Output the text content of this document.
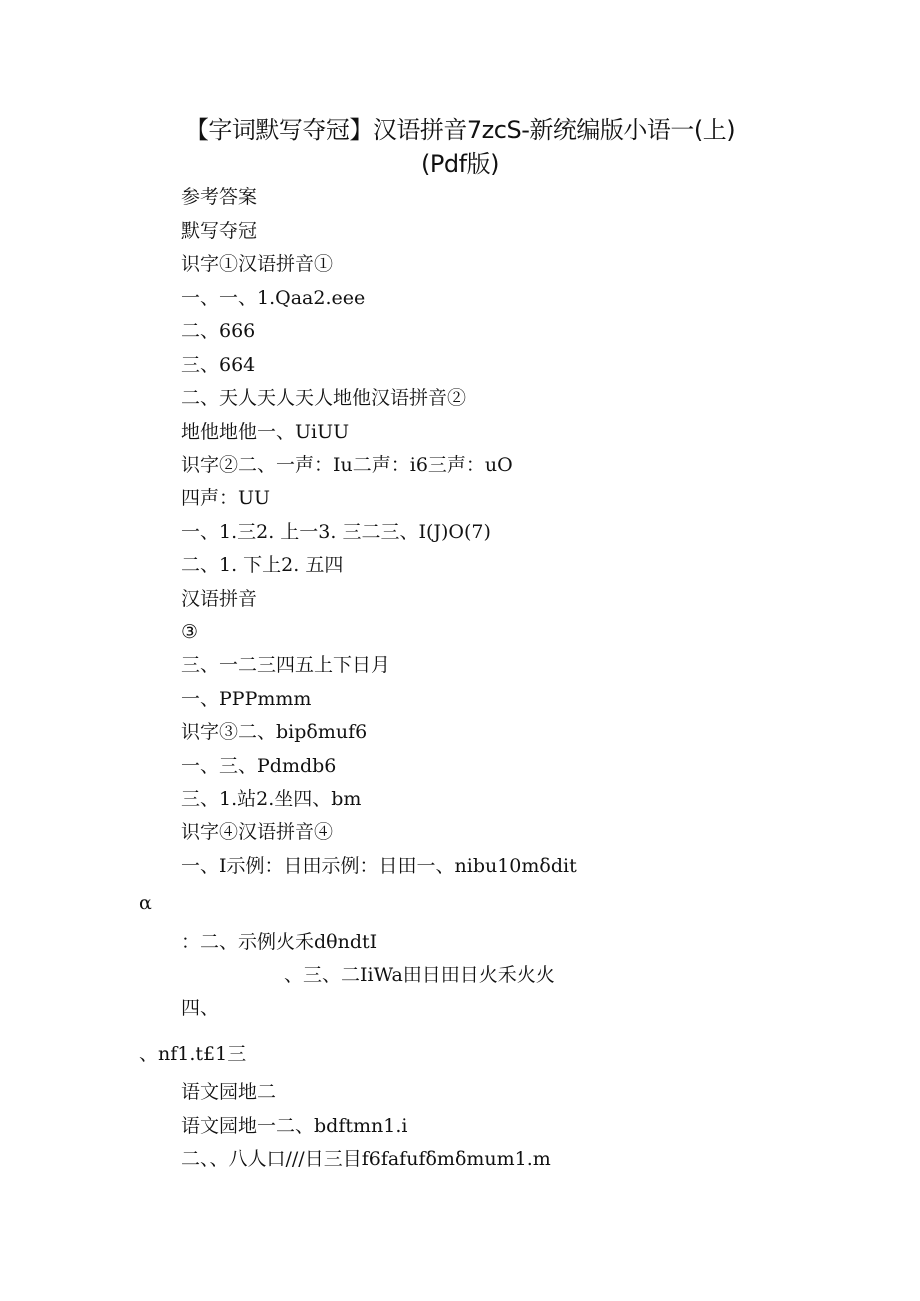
【字词默写夺冠】汉语拼音7zcS-新统编版小语一(上)
(Pdf版)
参考答案
默写夺冠
识字①汉语拼音①
一、一、1.Qaa2.eee
二、666
三、664
二、天人天人天人地他汉语拼音②
地他地他一、UiUU
识字②二、一声：Iu二声：i6三声：uO
四声：UU
一、1.三2. 上一3. 三二三、I(J)O(7)
二、1. 下上2. 五四
汉语拼音
③
三、一二三四五上下日月
一、PPPmmm
识字③二、bipδmuf6
一、三、Pdmdb6
三、1.站2.坐四、bm
识字④汉语拼音④
一、I示例：日田示例：日田一、nibu10mδdit
α
：二、示例火禾dθndtI
、三、二IiWa田日田日火禾火火
四、
、nf1.t£1三
语文园地二
语文园地一二、bdftmn1.i
二、、八人口///日三目f6fafufδmδmum1.m
